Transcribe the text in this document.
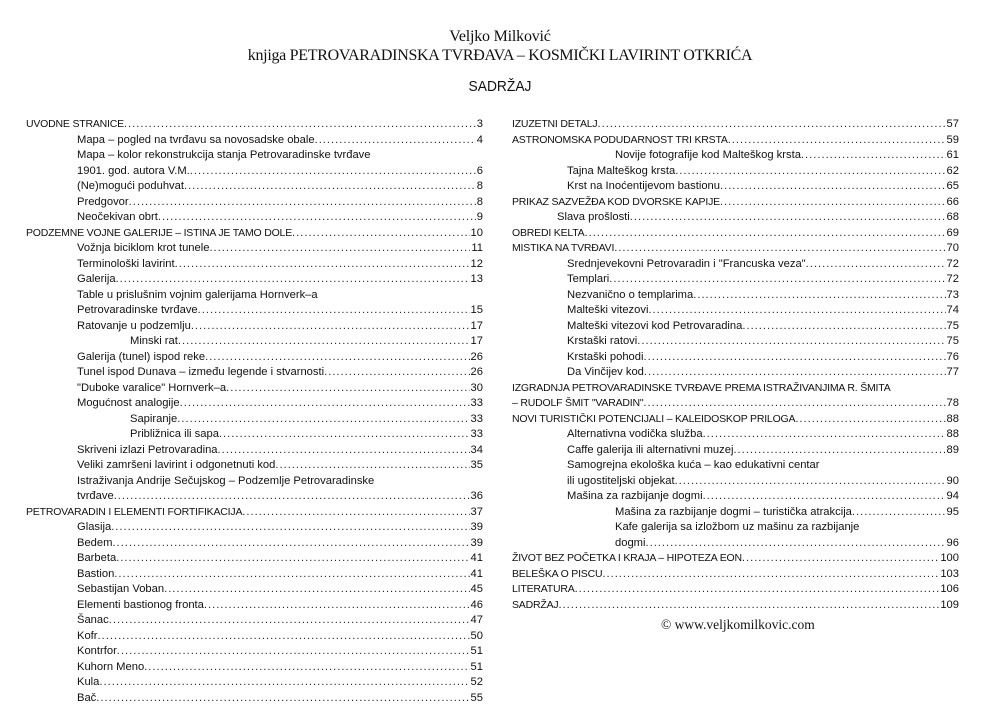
Veljko Milković
knjiga PETROVARADINSKA TVRĐAVA – KOSMIČKI LAVIRINT OTKRIĆA
SADRŽAJ
UVODNE STRANICE .....	3
Mapa – pogled na tvrđavu sa novosadske obale .....	4
Mapa – kolor rekonstrukcija stanja Petrovaradinske tvrđave
1901. god. autora V.M. .....	6
(Ne)mogući poduhvat .....	8
Predgovor .....	8
Neočekivan obrt .....	9
PODZEMNE VOJNE GALERIJE – ISTINA JE TAMO DOLE .....	10
Vožnja biciklom krot tunele .....	11
Terminološki lavirint .....	12
Galerija .....	13
Table u prislušnim vojnim galerijama Hornverk–a
Petrovaradinske tvrđave .....	15
Ratovanje u podzemlju .....	17
Minski rat .....	17
Galerija (tunel) ispod reke .....	26
Tunel ispod Dunava – između legende i stvarnosti .....	26
"Duboke varalice" Hornverk–a .....	30
Mogućnost analogije .....	33
Sapiranje .....	33
Približnica ili sapa .....	33
Skriveni izlazi Petrovaradina .....	34
Veliki zamršeni lavirint i odgonetnuti kod .....	35
Istraživanja Andrije Sečujskog – Podzemlje Petrovaradinske
tvrđave .....	36
PETROVARADIN I ELEMENTI FORTIFIKACIJA .....	37
Glasija .....	39
Bedem .....	39
Barbeta .....	41
Bastion .....	41
Sebastijan Voban .....	45
Elementi bastionog fronta .....	46
Šanac .....	47
Kofr .....	50
Kontrfor .....	51
Kuhorn Meno .....	51
Kula .....	52
Bač .....	55
IZUZETNI DETALJ .....	57
ASTRONOMSKA PODUDARNOST TRI KRSTA .....	59
Novije fotografije kod Malteškog krsta .....	61
Tajna Malteškog krsta .....	62
Krst na Inoćentijevom bastionu .....	65
PRIKAZ SAZVEŽĐA KOD DVORSKE KAPIJE .....	66
Slava prošlosti .....	68
OBREDI KELTA .....	69
MISTIKA NA TVRĐAVI .....	70
Srednjevekovni Petrovaradin i "Francuska veza" .....	72
Templari .....	72
Nezvanično o templarima .....	73
Malteški vitezovi .....	74
Malteški vitezovi kod Petrovaradina .....	75
Krstaški ratovi .....	75
Krstaški pohodi .....	76
Da Vinčijev kod .....	77
IZGRADNJA PETROVARADINSKE TVRĐAVE PREMA ISTRAŽIVANJIMA R. ŠMITA
– RUDOLF ŠMIT "VARADIN" .....	78
NOVI TURISTIČKI POTENCIJALI – KALEIDOSKOP PRILOGA .....	88
Alternativna vodička služba .....	88
Caffe galerija ili alternativni muzej .....	89
Samogrejna ekološka kuća – kao edukativni centar
ili ugostiteljski objekat .....	90
Mašina za razbijanje dogmi .....	94
Mašina za razbijanje dogmi – turistička atrakcija .....	95
Kafe galerija sa izložbom uz mašinu za razbijanje
dogmi .....	96
ŽIVOT BEZ POČETKA I KRAJA – HIPOTEZA EON .....	100
BELEŠKA O PISCU .....	103
LITERATURA .....	106
SADRŽAJ .....	109
© www.veljkomilkovic.com
